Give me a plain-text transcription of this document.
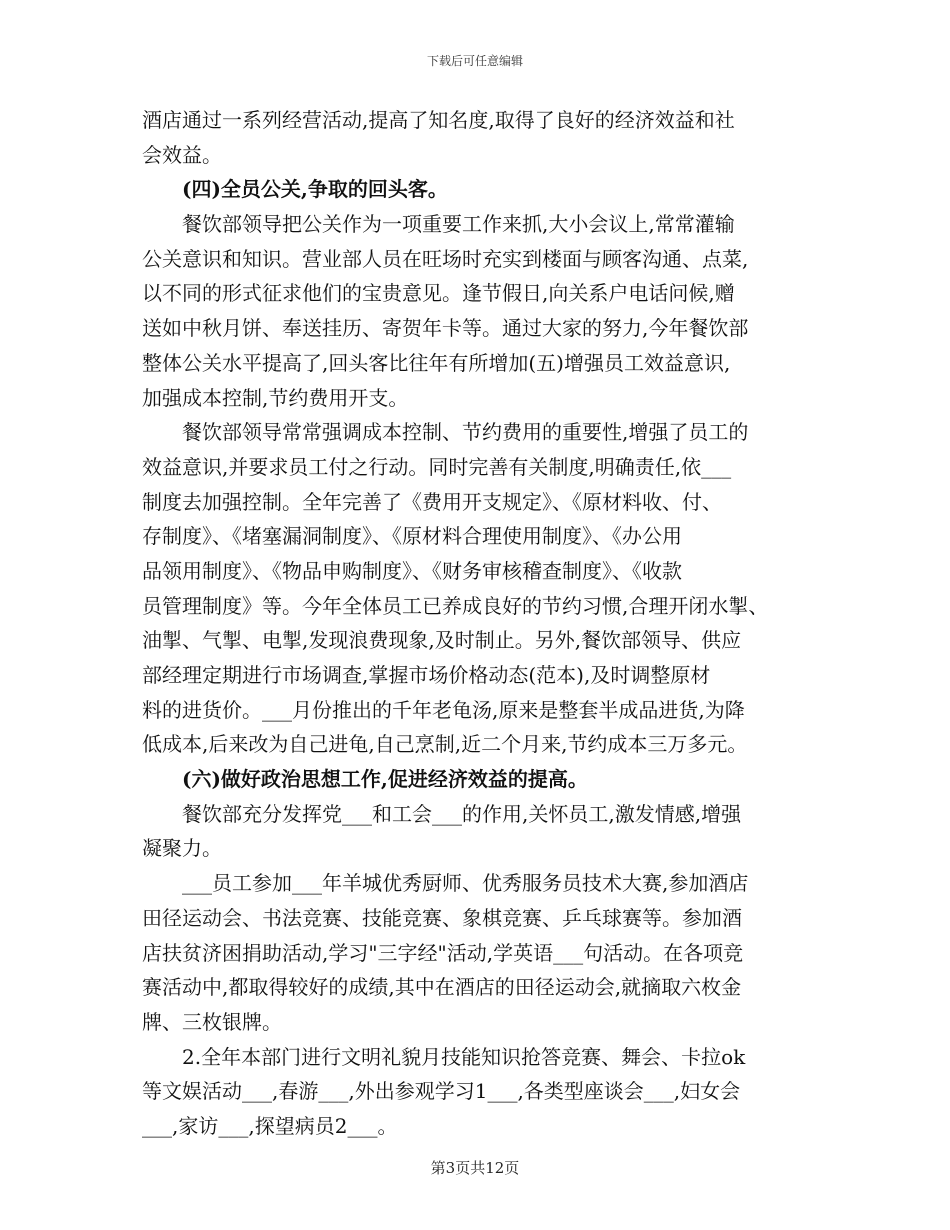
下载后可任意编辑
酒店通过一系列经营活动,提高了知名度,取得了良好的经济效益和社
会效益。
(四)全员公关,争取的回头客。
餐饮部领导把公关作为一项重要工作来抓,大小会议上,常常灌输
公关意识和知识。营业部人员在旺场时充实到楼面与顾客沟通、点菜,
以不同的形式征求他们的宝贵意见。逢节假日,向关系户电话问候,赠
送如中秋月饼、奉送挂历、寄贺年卡等。通过大家的努力,今年餐饮部
整体公关水平提高了,回头客比往年有所增加(五)增强员工效益意识,
加强成本控制,节约费用开支。
餐饮部领导常常强调成本控制、节约费用的重要性,增强了员工的
效益意识,并要求员工付之行动。同时完善有关制度,明确责任,依___
制度去加强控制。全年完善了《费用开支规定》、《原材料收、付、
存制度》、《堵塞漏洞制度》、《原材料合理使用制度》、《办公用
品领用制度》、《物品申购制度》、《财务审核稽查制度》、《收款
员管理制度》等。今年全体员工已养成良好的节约习惯,合理开闭水掣、
油掣、气掣、电掣,发现浪费现象,及时制止。另外,餐饮部领导、供应
部经理定期进行市场调查,掌握市场价格动态(范本),及时调整原材
料的进货价。___月份推出的千年老龟汤,原来是整套半成品进货,为降
低成本,后来改为自己进龟,自己烹制,近二个月来,节约成本三万多元。
(六)做好政治思想工作,促进经济效益的提高。
餐饮部充分发挥党___和工会___的作用,关怀员工,激发情感,增强
凝聚力。
___员工参加___年羊城优秀厨师、优秀服务员技术大赛,参加酒店
田径运动会、书法竞赛、技能竞赛、象棋竞赛、乒乓球赛等。参加酒
店扶贫济困捐助活动,学习"三字经"活动,学英语___句活动。在各项竞
赛活动中,都取得较好的成绩,其中在酒店的田径运动会,就摘取六枚金
牌、三枚银牌。
2.全年本部门进行文明礼貌月技能知识抢答竞赛、舞会、卡拉ok
等文娱活动___,春游___,外出参观学习1___,各类型座谈会___,妇女会
___,家访___,探望病员2___。
第3页共12页
